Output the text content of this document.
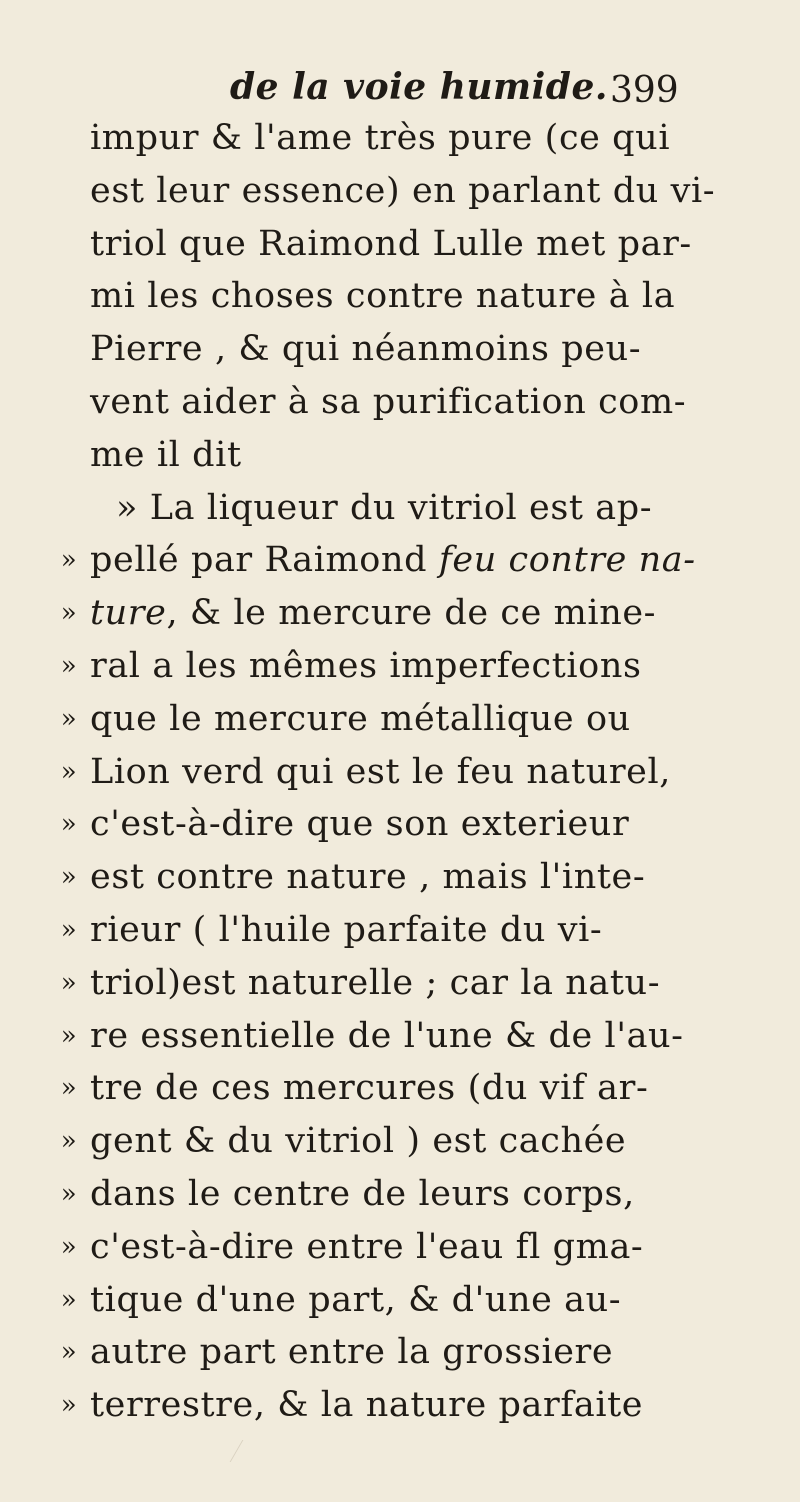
de la voie humide. 399
impur & l'ame très pure (ce qui
est leur essence) en parlant du vi-
triol que Raimond Lulle met par-
mi les choses contre nature à la
Pierre , & qui néanmoins peu-
vent aider à sa purification com-
me il dit
» La liqueur du vitriol est ap-
» pellé par Raimond feu contre na-
» ture, & le mercure de ce mine-
» ral a les mêmes imperfections
» que le mercure métallique ou
» Lion verd qui est le feu naturel,
» c'est-à-dire que son exterieur
» est contre nature , mais l'inte-
» rieur ( l'huile parfaite du vi-
» triol)est naturelle ; car la natu-
» re essentielle de l'une & de l'au-
» tre de ces mercures (du vif ar-
» gent & du vitriol ) est cachée
» dans le centre de leurs corps,
» c'est-à-dire entre l'eau fl gma-
» tique d'une part, & d'une au-
» autre part entre la grossiere
» terrestre, & la nature parfaite
